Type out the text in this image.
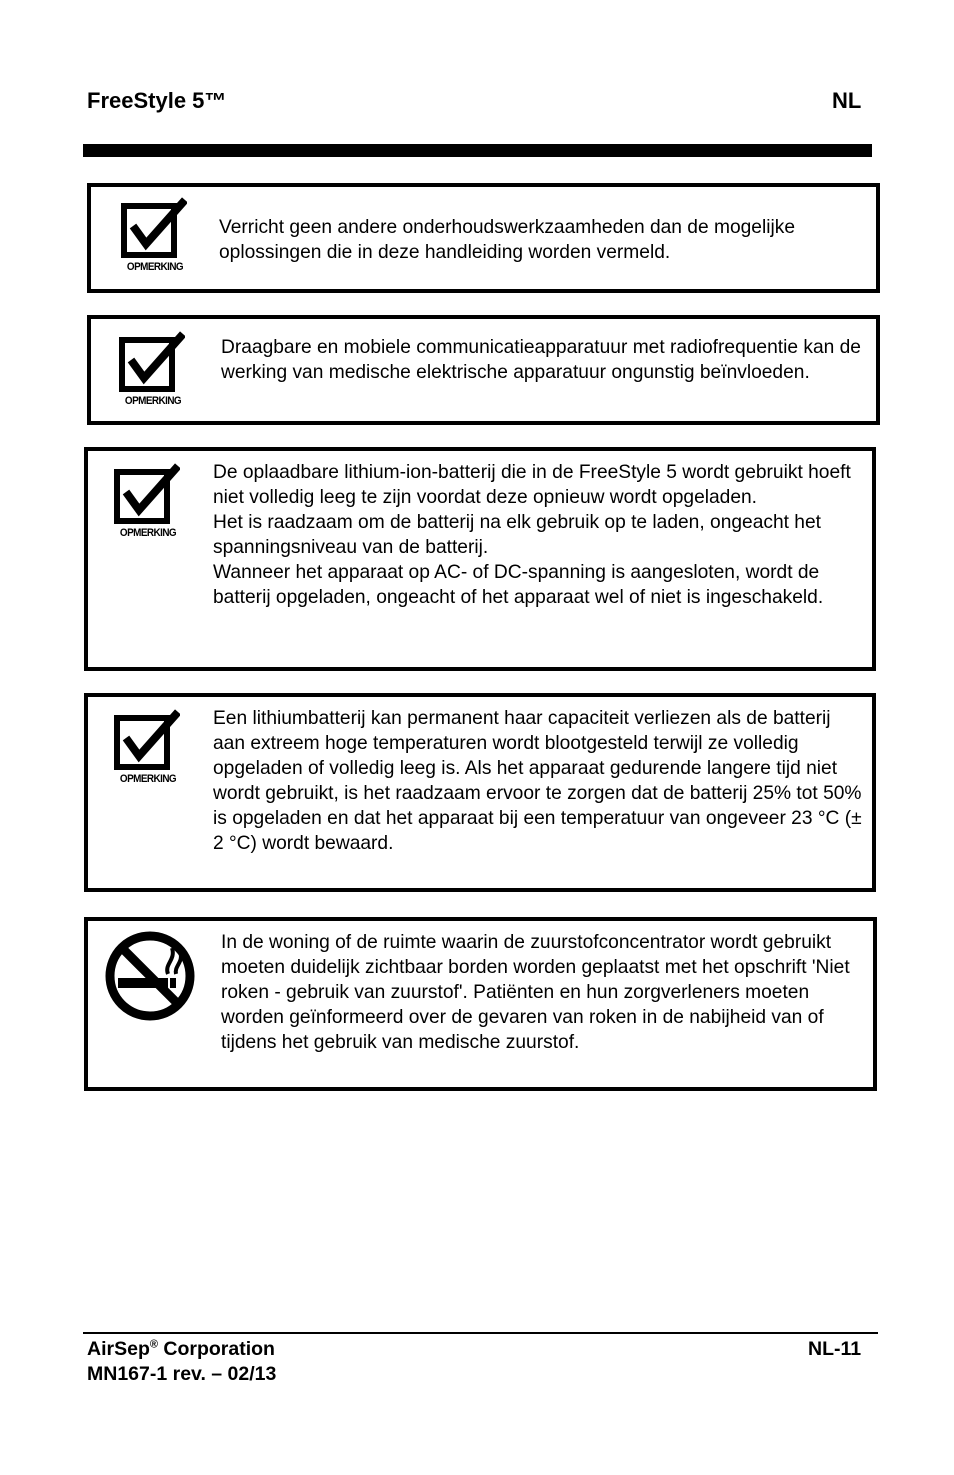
FreeStyle 5™	NL
OPMERKING

Verricht geen andere onderhoudswerkzaamheden dan de mogelijke oplossingen die in deze handleiding worden vermeld.

OPMERKING

Draagbare en mobiele communicatieapparatuur met radiofrequentie kan de werking van medische elektrische apparatuur ongunstig beïnvloeden.

OPMERKING

De oplaadbare lithium-ion-batterij die in de FreeStyle 5 wordt gebruikt hoeft niet volledig leeg te zijn voordat deze opnieuw wordt opgeladen.

Het is raadzaam om de batterij na elk gebruik op te laden, ongeacht het spanningsniveau van de batterij.

Wanneer het apparaat op AC- of DC-spanning is aangesloten, wordt de batterij opgeladen, ongeacht of het apparaat wel of niet is ingeschakeld.

OPMERKING

Een lithiumbatterij kan permanent haar capaciteit verliezen als de batterij aan extreem hoge temperaturen wordt blootgesteld terwijl ze volledig opgeladen of volledig leeg is. Als het apparaat gedurende langere tijd niet wordt gebruikt, is het raadzaam ervoor te zorgen dat de batterij 25% tot 50% is opgeladen en dat het apparaat bij een temperatuur van ongeveer 23 °C (± 2 °C) wordt bewaard.

In de woning of de ruimte waarin de zuurstofconcentrator wordt gebruikt moeten duidelijk zichtbaar borden worden geplaatst met het opschrift 'Niet roken - gebruik van zuurstof'. Patiënten en hun zorgverleners moeten worden geïnformeerd over de gevaren van roken in de nabijheid van of tijdens het gebruik van medische zuurstof.

AirSep® Corporation
MN167-1 rev. – 02/13
NL-11
